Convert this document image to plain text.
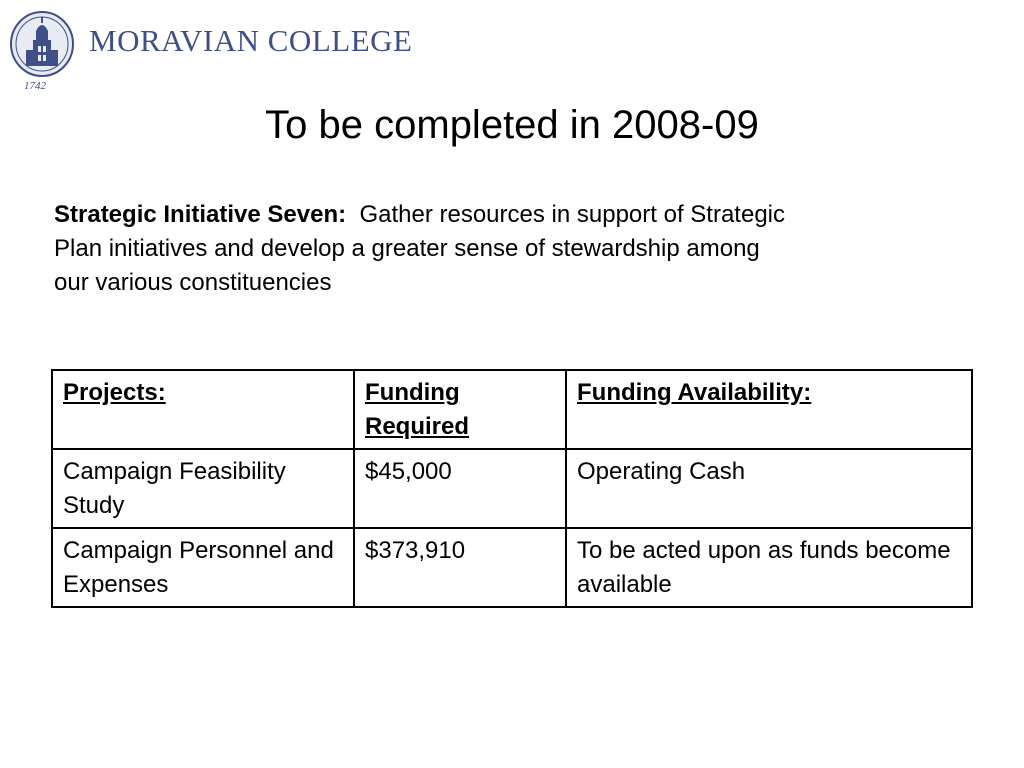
1742
MORAVIAN COLLEGE
To be completed in 2008-09
Strategic Initiative Seven: Gather resources in support of Strategic
Plan initiatives and develop a greater sense of stewardship among
our various constituencies
Projects:	Funding Required	Funding Availability:
Campaign Feasibility Study	$45,000	Operating Cash
Campaign Personnel and Expenses	$373,910	To be acted upon as funds become available
